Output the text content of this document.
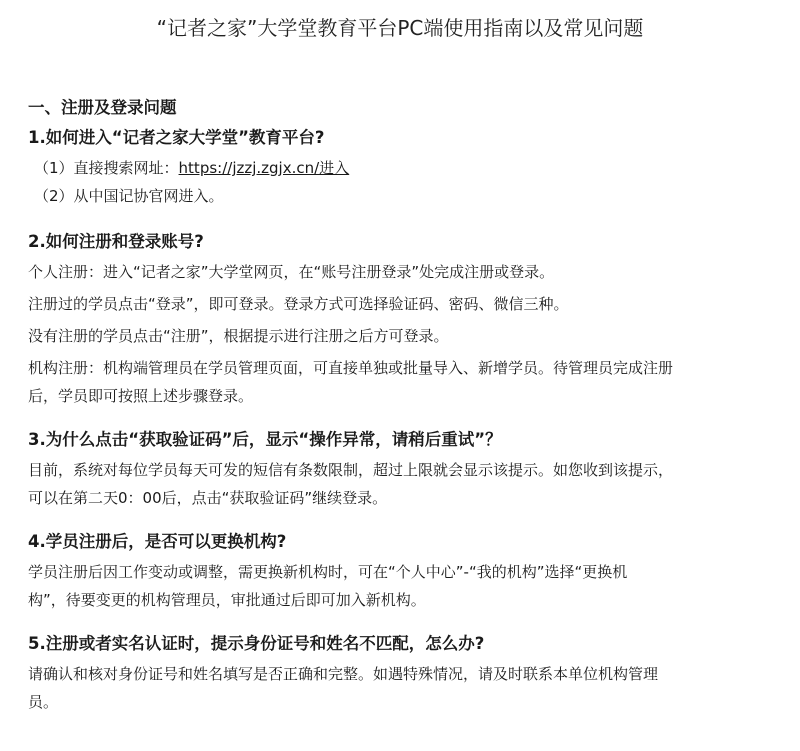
“记者之家”大学堂教育平台PC端使用指南以及常见问题
一、注册及登录问题
1.如何进入“记者之家大学堂”教育平台?
（1）直接搜索网址：https://jzzj.zgjx.cn/进入
（2）从中国记协官网进入。
2.如何注册和登录账号?
个人注册：进入“记者之家”大学堂网页，在“账号注册登录”处完成注册或登录。
注册过的学员点击“登录”，即可登录。登录方式可选择验证码、密码、微信三种。
没有注册的学员点击“注册”，根据提示进行注册之后方可登录。
机构注册：机构端管理员在学员管理页面，可直接单独或批量导入、新增学员。待管理员完成注册
后，学员即可按照上述步骤登录。
3.为什么点击“获取验证码”后，显示“操作异常，请稍后重试”？
目前，系统对每位学员每天可发的短信有条数限制，超过上限就会显示该提示。如您收到该提示，
可以在第二天0：00后，点击“获取验证码”继续登录。
4.学员注册后，是否可以更换机构?
学员注册后因工作变动或调整，需更换新机构时，可在“个人中心”-“我的机构”选择“更换机
构”，待要变更的机构管理员，审批通过后即可加入新机构。
5.注册或者实名认证时，提示身份证号和姓名不匹配，怎么办?
请确认和核对身份证号和姓名填写是否正确和完整。如遇特殊情况，请及时联系本单位机构管理
员。
